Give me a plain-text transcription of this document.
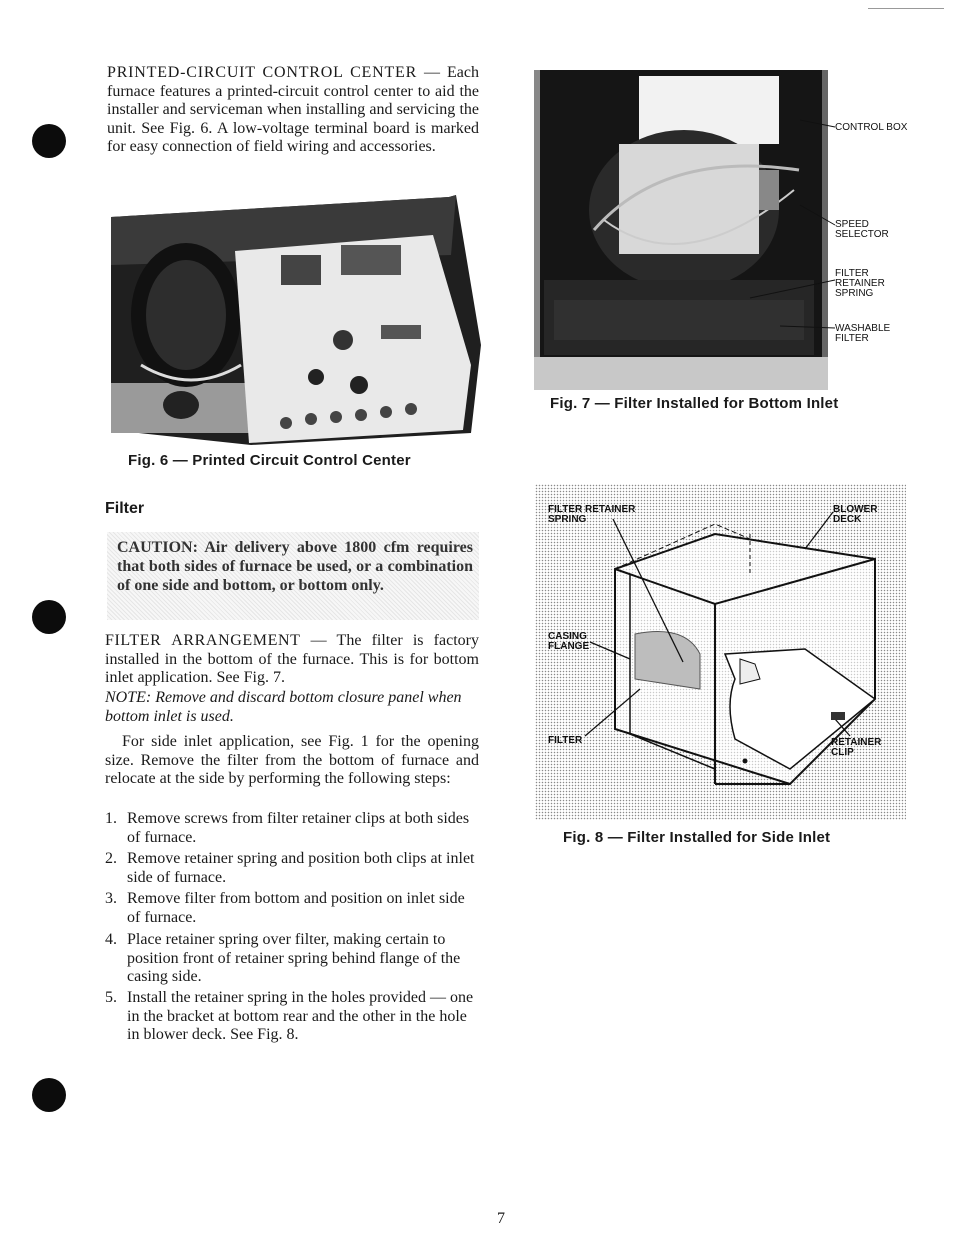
PRINTED-CIRCUIT CONTROL CENTER — Each furnace features a printed-circuit control center to aid the installer and serviceman when installing and servicing the unit. See Fig. 6. A low-voltage terminal board is marked for easy connection of field wiring and accessories.
Fig. 6 — Printed Circuit Control Center
Filter
CAUTION: Air delivery above 1800 cfm requires that both sides of furnace be used, or a combination of one side and bottom, or bottom only.
FILTER ARRANGEMENT — The filter is factory installed in the bottom of the furnace. This is for bottom inlet application. See Fig. 7.
NOTE: Remove and discard bottom closure panel when bottom inlet is used.
For side inlet application, see Fig. 1 for the opening size. Remove the filter from the bottom of furnace and relocate at the side by performing the following steps:
1. Remove screws from filter retainer clips at both sides of furnace.
2. Remove retainer spring and position both clips at inlet side of furnace.
3. Remove filter from bottom and position on inlet side of furnace.
4. Place retainer spring over filter, making certain to position front of retainer spring behind flange of the casing side.
5. Install the retainer spring in the holes provided — one in the bracket at bottom rear and the other in the hole in blower deck. See Fig. 8.
CONTROL BOX
SPEED
SELECTOR
FILTER
RETAINER
SPRING
WASHABLE
FILTER
Fig. 7 — Filter Installed for Bottom Inlet
FILTER RETAINER
SPRING
BLOWER
DECK
CASING
FLANGE
FILTER	RETAINER
CLIP
Fig. 8 — Filter Installed for Side Inlet
7
